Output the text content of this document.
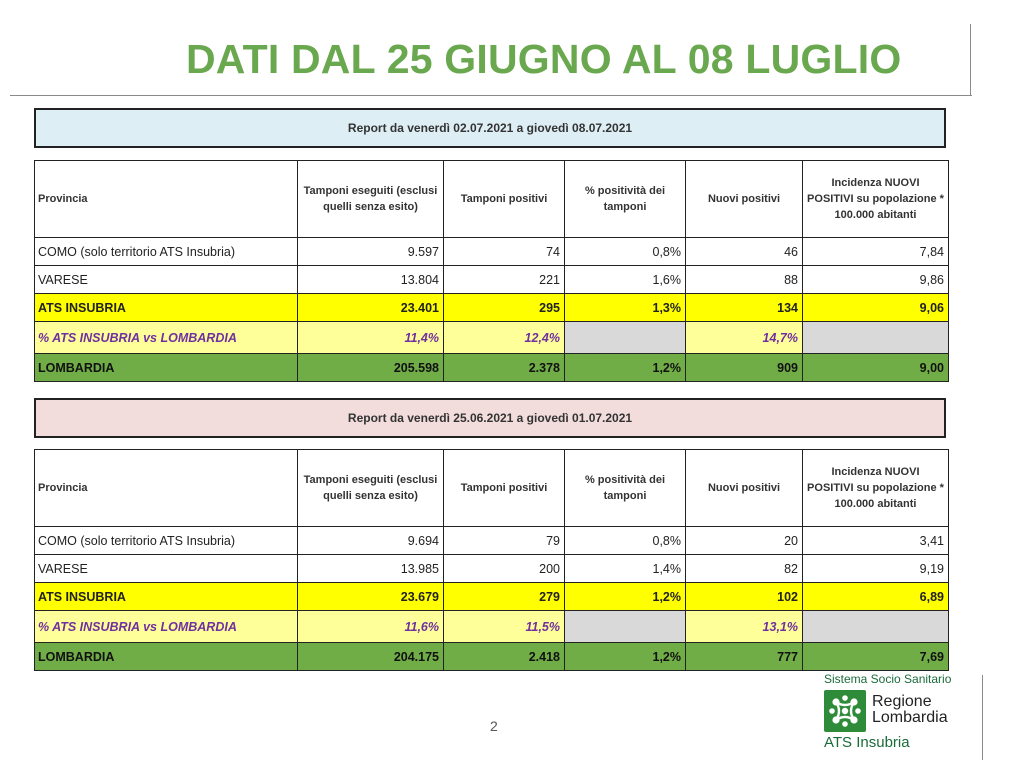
DATI DAL 25 GIUGNO AL 08 LUGLIO
Report da venerdì 02.07.2021 a giovedì 08.07.2021
Provincia	Tamponi eseguiti (esclusi quelli senza esito)	Tamponi positivi	% positività dei tamponi	Nuovi positivi	Incidenza NUOVI POSITIVI su popolazione * 100.000 abitanti
COMO (solo territorio ATS Insubria)	9.597	74	0,8%	46	7,84
VARESE	13.804	221	1,6%	88	9,86
ATS INSUBRIA	23.401	295	1,3%	134	9,06
% ATS INSUBRIA vs LOMBARDIA	11,4%	12,4%		14,7%	
LOMBARDIA	205.598	2.378	1,2%	909	9,00
Report da venerdì 25.06.2021 a giovedì 01.07.2021
Provincia	Tamponi eseguiti (esclusi quelli senza esito)	Tamponi positivi	% positività dei tamponi	Nuovi positivi	Incidenza NUOVI POSITIVI su popolazione * 100.000 abitanti
COMO (solo territorio ATS Insubria)	9.694	79	0,8%	20	3,41
VARESE	13.985	200	1,4%	82	9,19
ATS INSUBRIA	23.679	279	1,2%	102	6,89
% ATS INSUBRIA vs LOMBARDIA	11,6%	11,5%		13,1%	
LOMBARDIA	204.175	2.418	1,2%	777	7,69
2
Sistema Socio Sanitario
Regione
Lombardia
ATS Insubria
